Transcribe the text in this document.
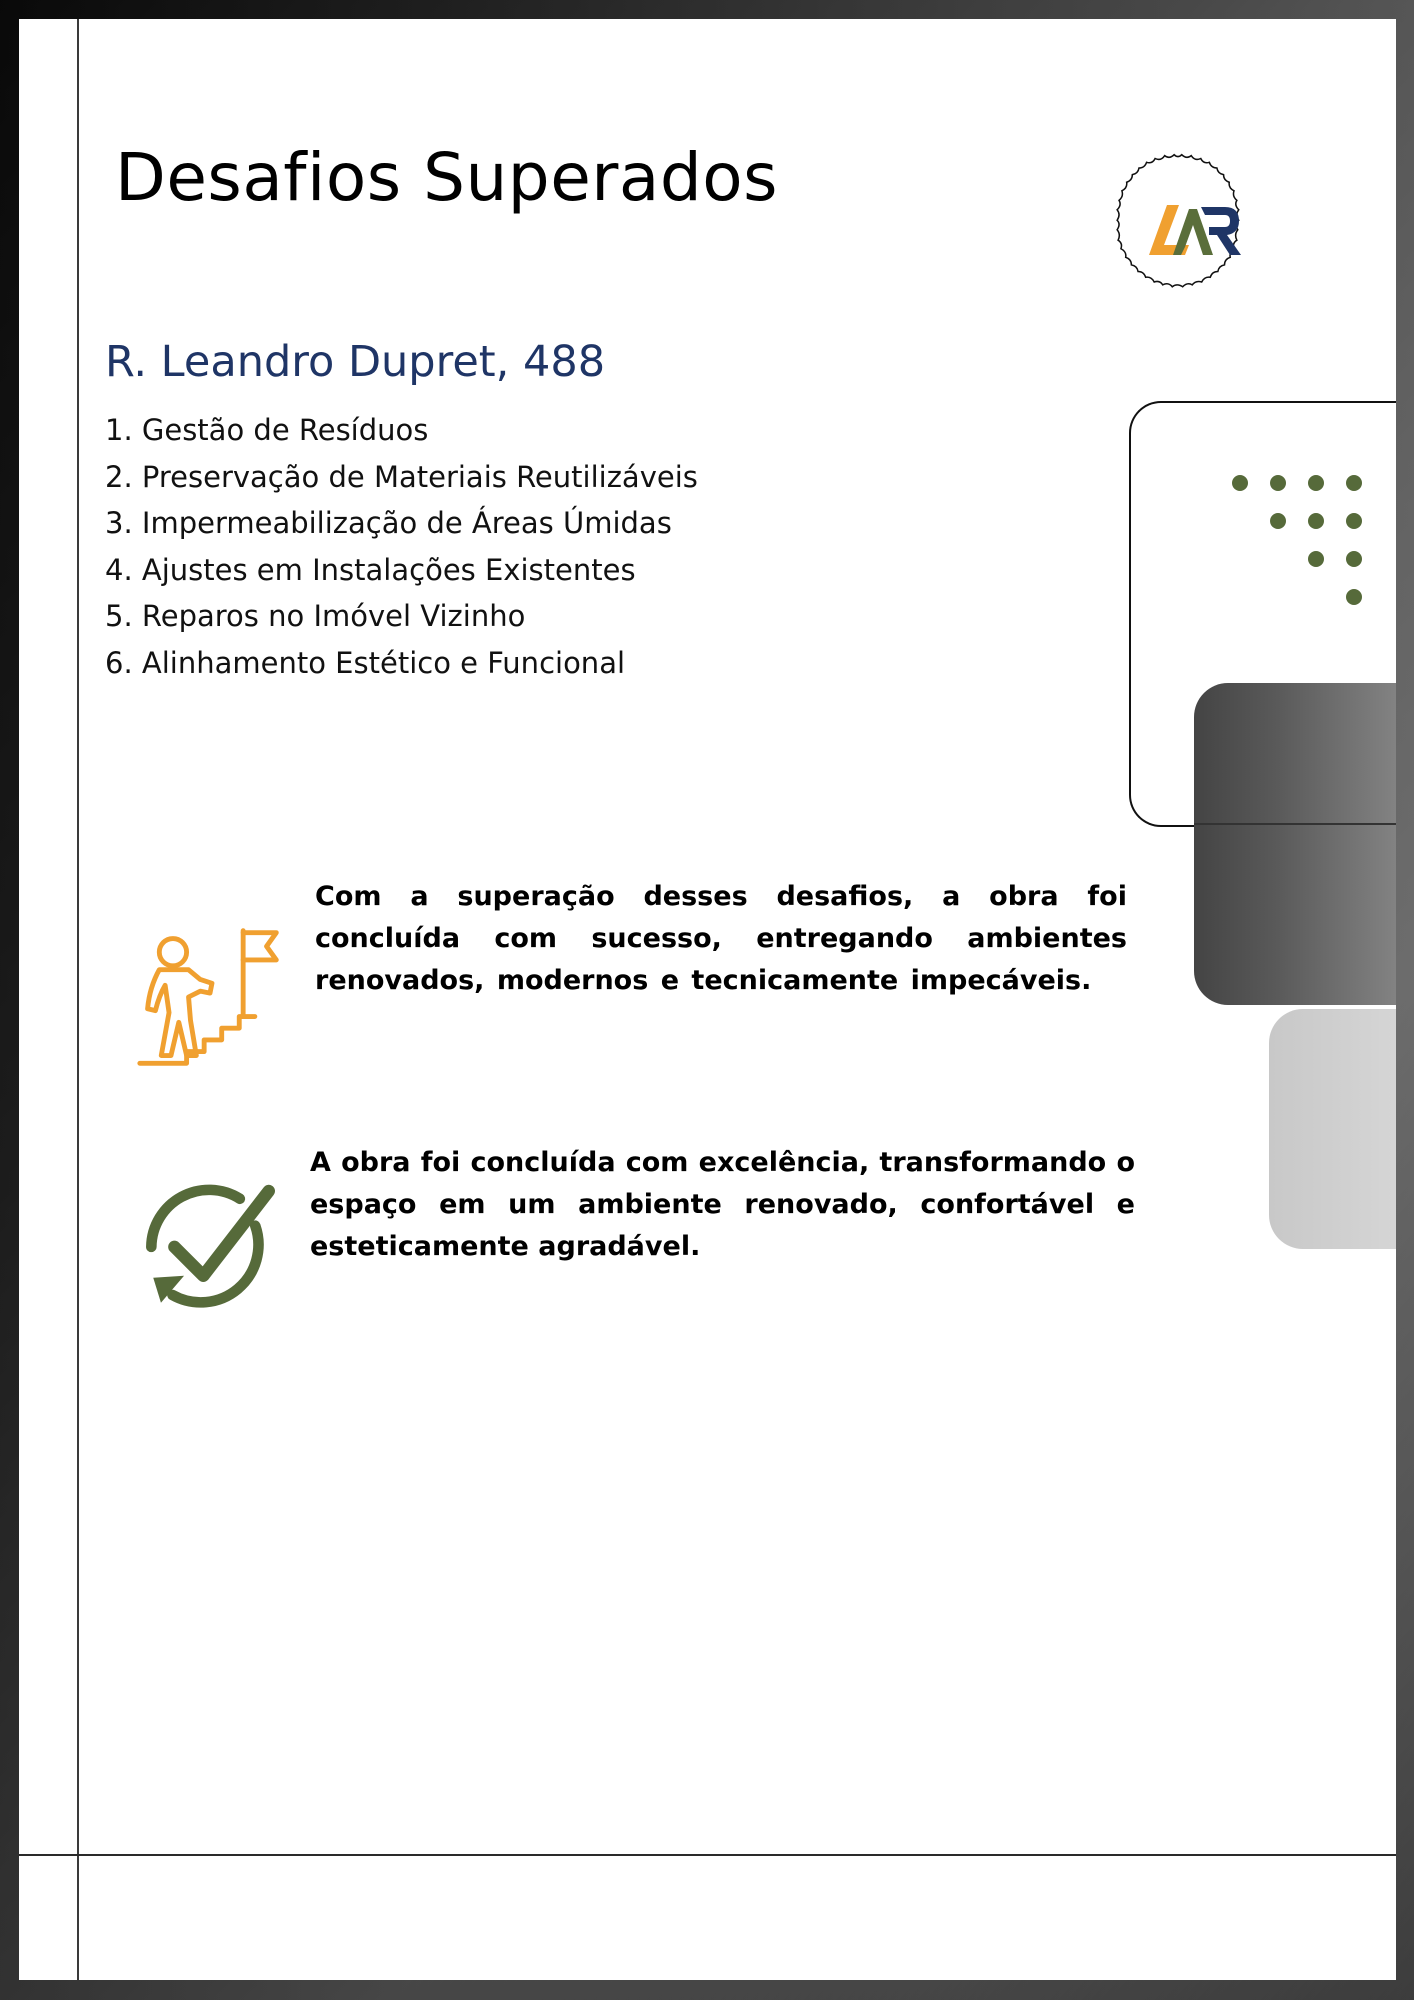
Desafios Superados
R. Leandro Dupret, 488
1. Gestão de Resíduos
2. Preservação de Materiais Reutilizáveis
3. Impermeabilização de Áreas Úmidas
4. Ajustes em Instalações Existentes
5. Reparos no Imóvel Vizinho
6. Alinhamento Estético e Funcional

Com a superação desses desafios, a obra foi concluída com sucesso, entregando ambientes renovados, modernos e tecnicamente impecáveis.

A obra foi concluída com excelência, transformando o espaço em um ambiente renovado, confortável e esteticamente agradável.
